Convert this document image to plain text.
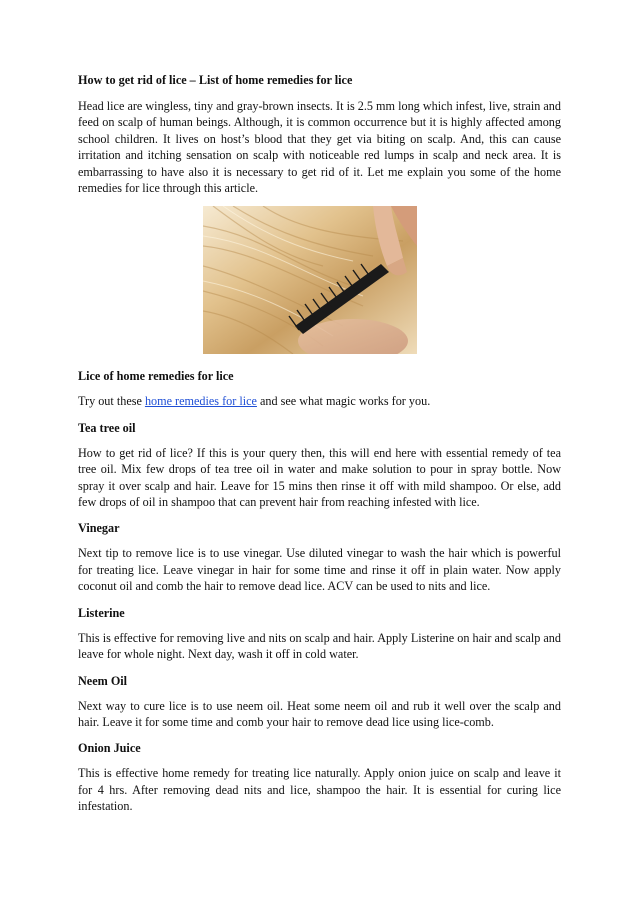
How to get rid of lice – List of home remedies for lice

Head lice are wingless, tiny and gray-brown insects. It is 2.5 mm long which infest, live, strain and feed on scalp of human beings. Although, it is common occurrence but it is highly affected among school children. It lives on host’s blood that they get via biting on scalp. And, this can cause irritation and itching sensation on scalp with noticeable red lumps in scalp and neck area. It is embarrassing to have also it is necessary to get rid of it. Let me explain you some of the home remedies for lice through this article.

Lice of home remedies for lice

Try out these home remedies for lice and see what magic works for you.

Tea tree oil

How to get rid of lice? If this is your query then, this will end here with essential remedy of tea tree oil. Mix few drops of tea tree oil in water and make solution to pour in spray bottle. Now spray it over scalp and hair. Leave for 15 mins then rinse it off with mild shampoo. Or else, add few drops of oil in shampoo that can prevent hair from reaching infested with lice.

Vinegar

Next tip to remove lice is to use vinegar. Use diluted vinegar to wash the hair which is powerful for treating lice. Leave vinegar in hair for some time and rinse it off in plain water. Now apply coconut oil and comb the hair to remove dead lice. ACV can be used to nits and lice.

Listerine

This is effective for removing live and nits on scalp and hair. Apply Listerine on hair and scalp and leave for whole night. Next day, wash it off in cold water.

Neem Oil

Next way to cure lice is to use neem oil. Heat some neem oil and rub it well over the scalp and hair. Leave it for some time and comb your hair to remove dead lice using lice-comb.

Onion Juice

This is effective home remedy for treating lice naturally. Apply onion juice on scalp and leave it for 4 hrs. After removing dead nits and lice, shampoo the hair. It is essential for curing lice infestation.
